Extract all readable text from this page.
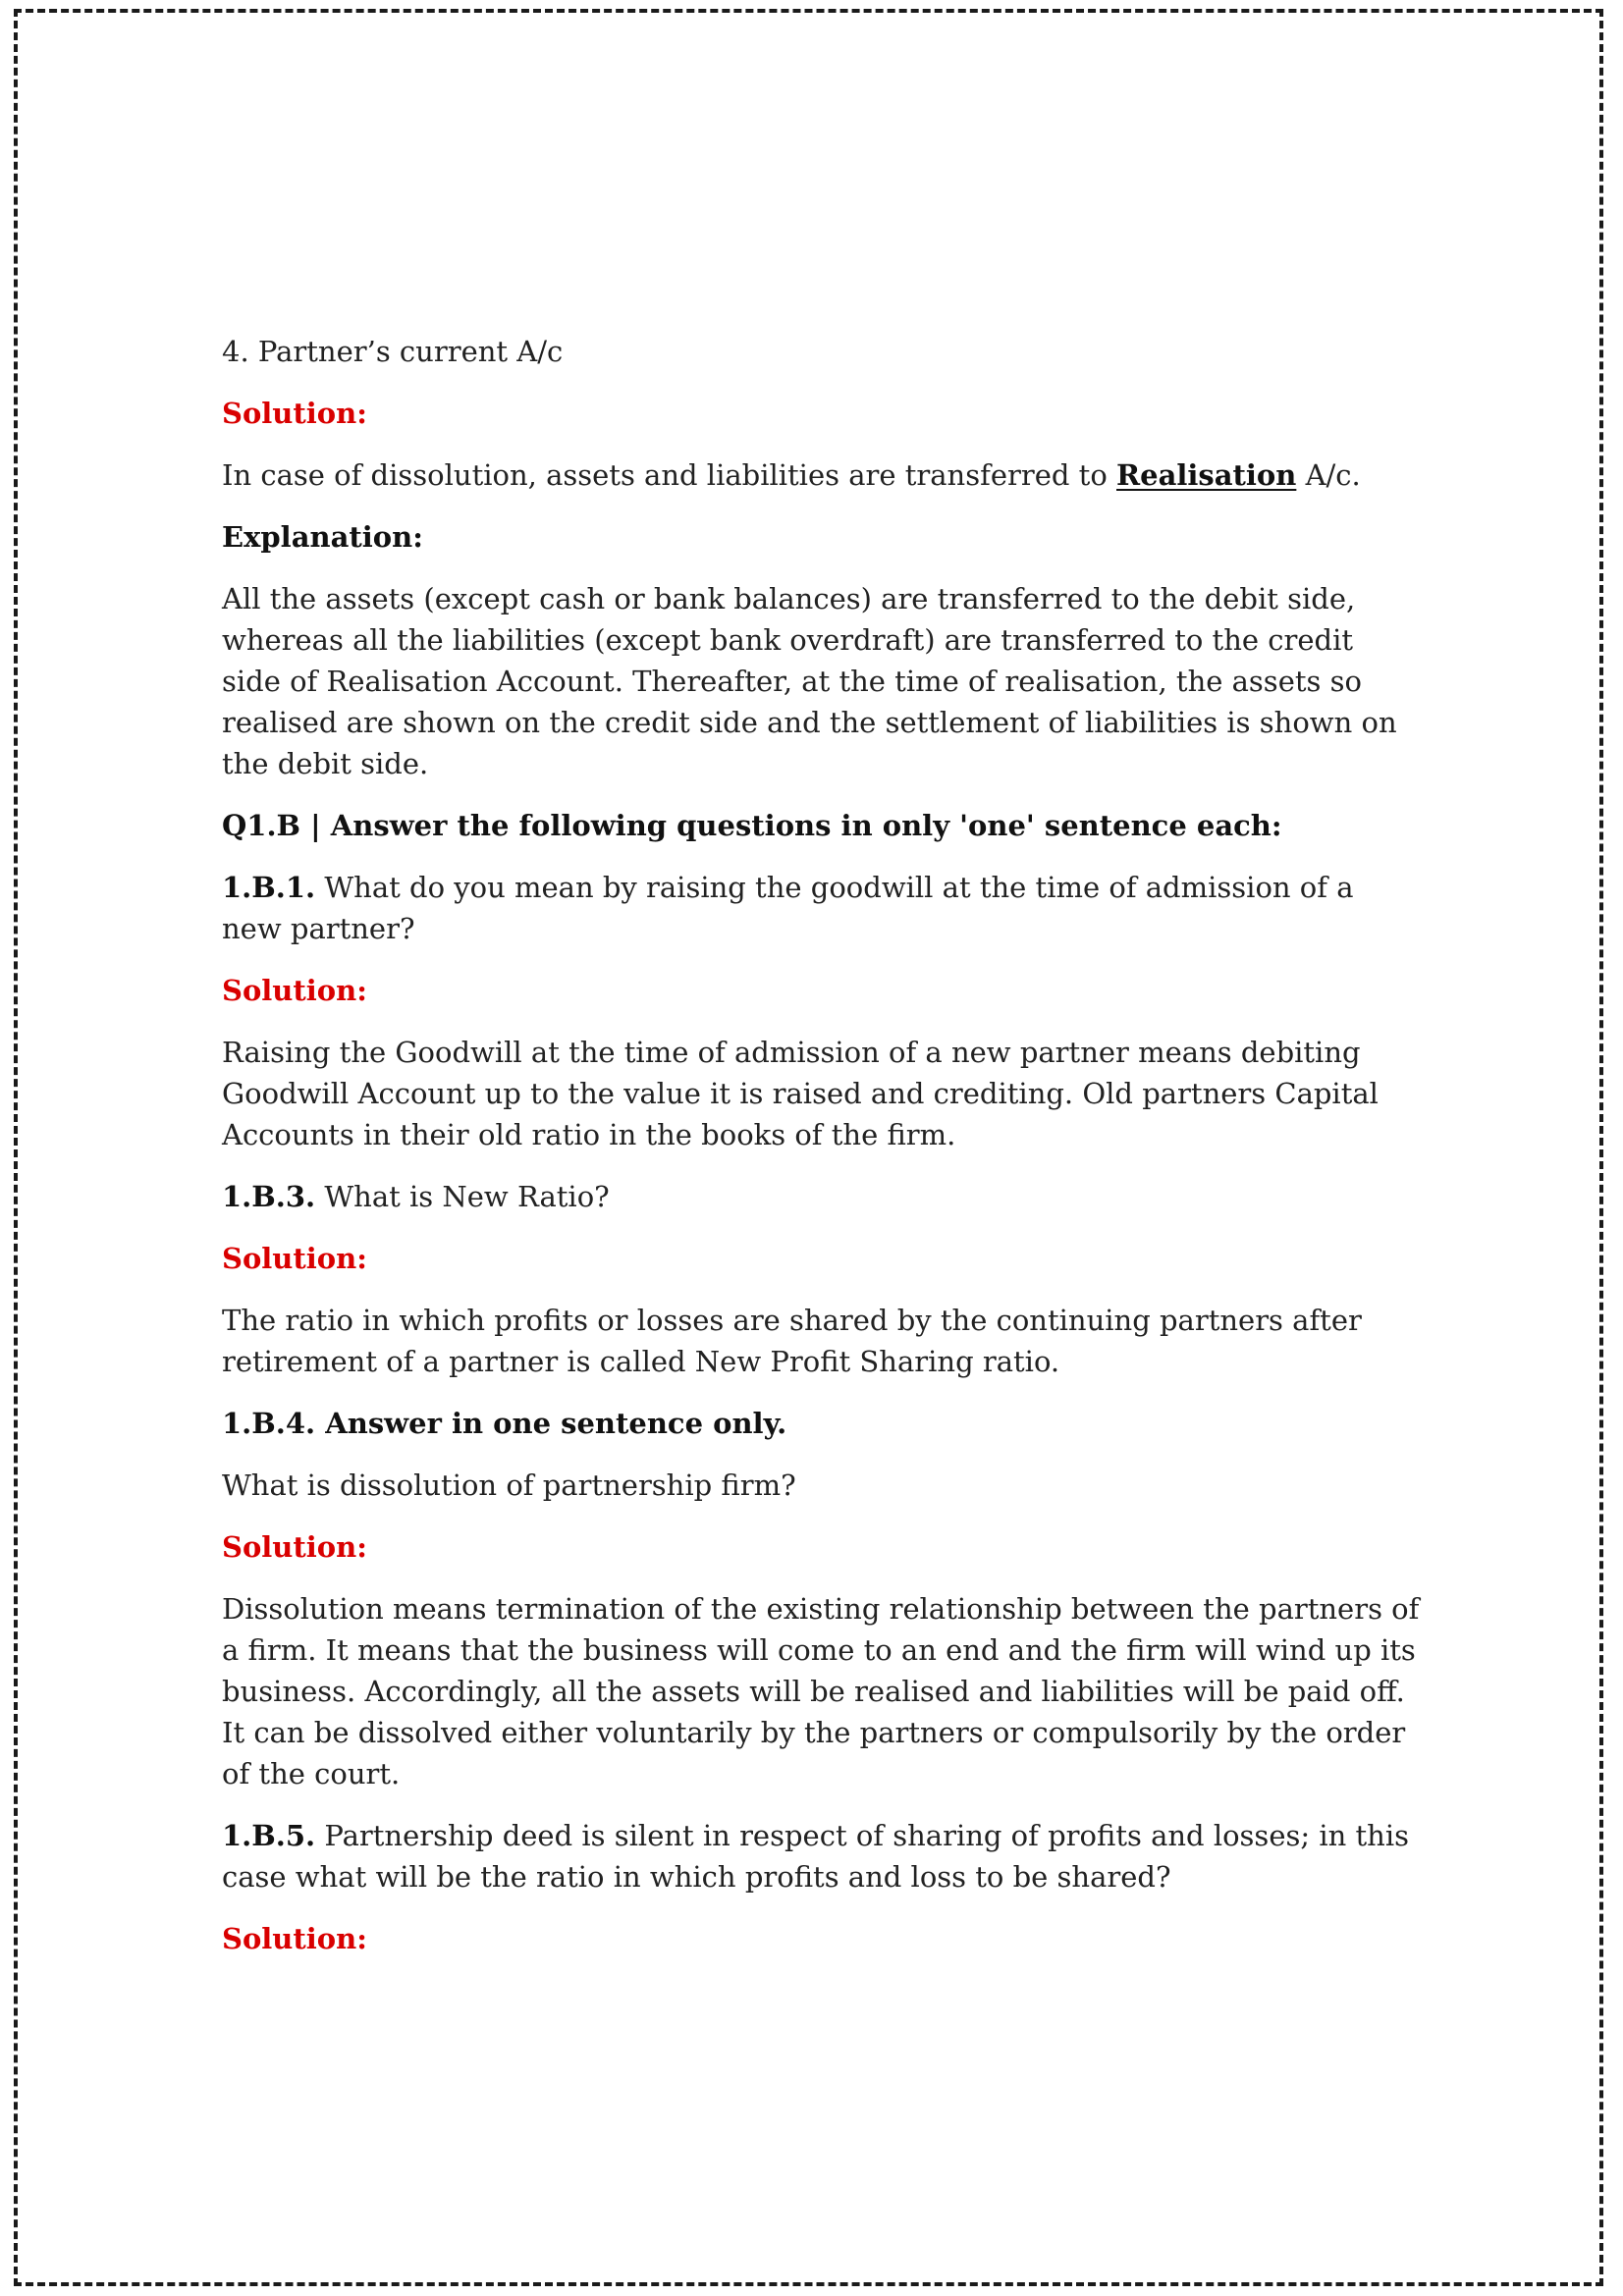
4. Partner’s current A/c

Solution:

In case of dissolution, assets and liabilities are transferred to Realisation A/c.

Explanation:

All the assets (except cash or bank balances) are transferred to the debit side, whereas all the liabilities (except bank overdraft) are transferred to the credit side of Realisation Account. Thereafter, at the time of realisation, the assets so realised are shown on the credit side and the settlement of liabilities is shown on the debit side.

Q1.B | Answer the following questions in only 'one' sentence each:

1.B.1. What do you mean by raising the goodwill at the time of admission of a new partner?

Solution:

Raising the Goodwill at the time of admission of a new partner means debiting Goodwill Account up to the value it is raised and crediting. Old partners Capital Accounts in their old ratio in the books of the firm.

1.B.3. What is New Ratio?

Solution:

The ratio in which profits or losses are shared by the continuing partners after retirement of a partner is called New Profit Sharing ratio.

1.B.4. Answer in one sentence only.

What is dissolution of partnership firm?

Solution:

Dissolution means termination of the existing relationship between the partners of a firm. It means that the business will come to an end and the firm will wind up its business. Accordingly, all the assets will be realised and liabilities will be paid off. It can be dissolved either voluntarily by the partners or compulsorily by the order of the court.

1.B.5. Partnership deed is silent in respect of sharing of profits and losses; in this case what will be the ratio in which profits and loss to be shared?

Solution:
